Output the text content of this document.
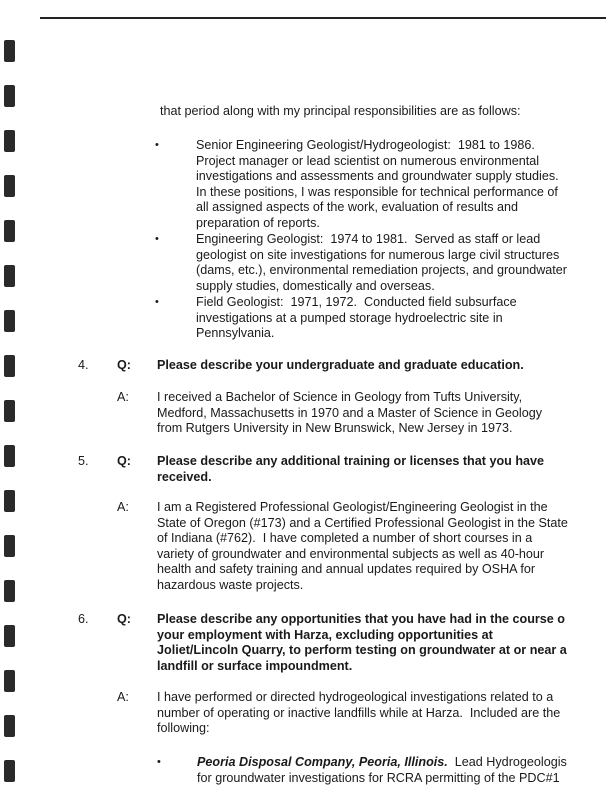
that period along with my principal responsibilities are as follows:
•	Senior Engineering Geologist/Hydrogeologist:  1981 to 1986.
Project manager or lead scientist on numerous environmental
investigations and assessments and groundwater supply studies.
In these positions, I was responsible for technical performance of
all assigned aspects of the work, evaluation of results and
preparation of reports.
•	Engineering Geologist:  1974 to 1981.  Served as staff or lead
geologist on site investigations for numerous large civil structures
(dams, etc.), environmental remediation projects, and groundwater
supply studies, domestically and overseas.
•	Field Geologist:  1971, 1972.  Conducted field subsurface
investigations at a pumped storage hydroelectric site in
Pennsylvania.
4. Q: Please describe your undergraduate and graduate education.
A: I received a Bachelor of Science in Geology from Tufts University,
Medford, Massachusetts in 1970 and a Master of Science in Geology
from Rutgers University in New Brunswick, New Jersey in 1973.
5. Q: Please describe any additional training or licenses that you have
received.
A: I am a Registered Professional Geologist/Engineering Geologist in the
State of Oregon (#173) and a Certified Professional Geologist in the State
of Indiana (#762).  I have completed a number of short courses in a
variety of groundwater and environmental subjects as well as 40-hour
health and safety training and annual updates required by OSHA for
hazardous waste projects.
6. Q: Please describe any opportunities that you have had in the course o
your employment with Harza, excluding opportunities at
Joliet/Lincoln Quarry, to perform testing on groundwater at or near a
landfill or surface impoundment.
A: I have performed or directed hydrogeological investigations related to a
number of operating or inactive landfills while at Harza.  Included are the
following:
•	Peoria Disposal Company, Peoria, Illinois.  Lead Hydrogeologis
for groundwater investigations for RCRA permitting of the PDC#1
